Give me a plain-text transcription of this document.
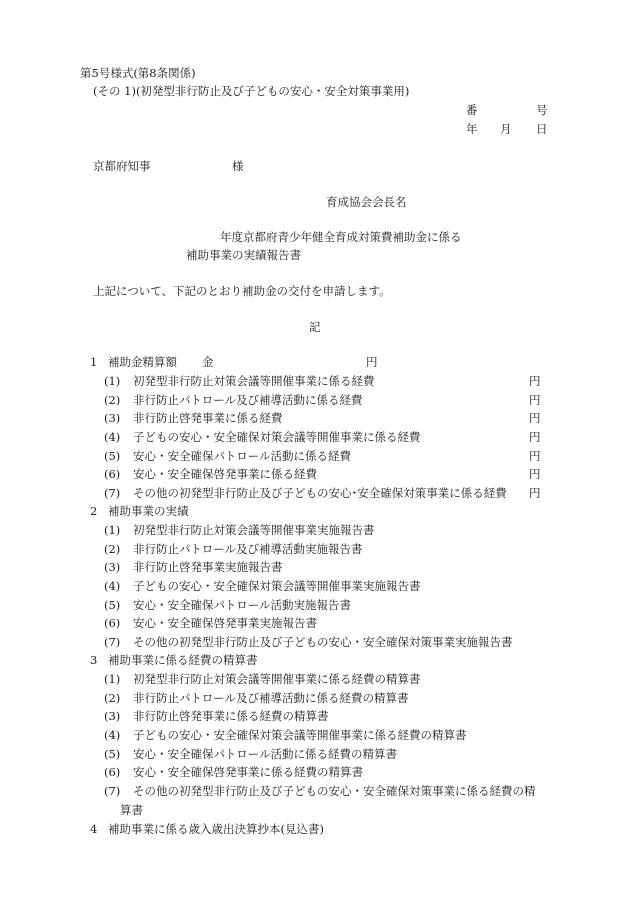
第5号様式(第8条関係)
(その 1)(初発型非行防止及び子どもの安心・安全対策事業用)
番	号
年 月 日
京都府知事	様
育成協会会長名
年度京都府青少年健全育成対策費補助金に係る
補助事業の実績報告書
上記について、下記のとおり補助金の交付を申請します。
記
1 補助金精算額 金	円
(1) 初発型非行防止対策会議等開催事業に係る経費	円
(2) 非行防止パトロール及び補導活動に係る経費	円
(3) 非行防止啓発事業に係る経費	円
(4) 子どもの安心・安全確保対策会議等開催事業に係る経費	円
(5) 安心・安全確保パトロール活動に係る経費	円
(6) 安心・安全確保啓発事業に係る経費	円
(7) その他の初発型非行防止及び子どもの安心･安全確保対策事業に係る経費 円
2 補助事業の実績
(1) 初発型非行防止対策会議等開催事業実施報告書
(2) 非行防止パトロール及び補導活動実施報告書
(3) 非行防止啓発事業実施報告書
(4) 子どもの安心・安全確保対策会議等開催事業実施報告書
(5) 安心・安全確保パトロール活動実施報告書
(6) 安心・安全確保啓発事業実施報告書
(7) その他の初発型非行防止及び子どもの安心・安全確保対策事業実施報告書
3 補助事業に係る経費の精算書
(1) 初発型非行防止対策会議等開催事業に係る経費の精算書
(2) 非行防止パトロール及び補導活動に係る経費の精算書
(3) 非行防止啓発事業に係る経費の精算書
(4) 子どもの安心・安全確保対策会議等開催事業に係る経費の精算書
(5) 安心・安全確保パトロール活動に係る経費の精算書
(6) 安心・安全確保啓発事業に係る経費の精算書
(7) その他の初発型非行防止及び子どもの安心・安全確保対策事業に係る経費の精
算書
4 補助事業に係る歳入歳出決算抄本(見込書)
